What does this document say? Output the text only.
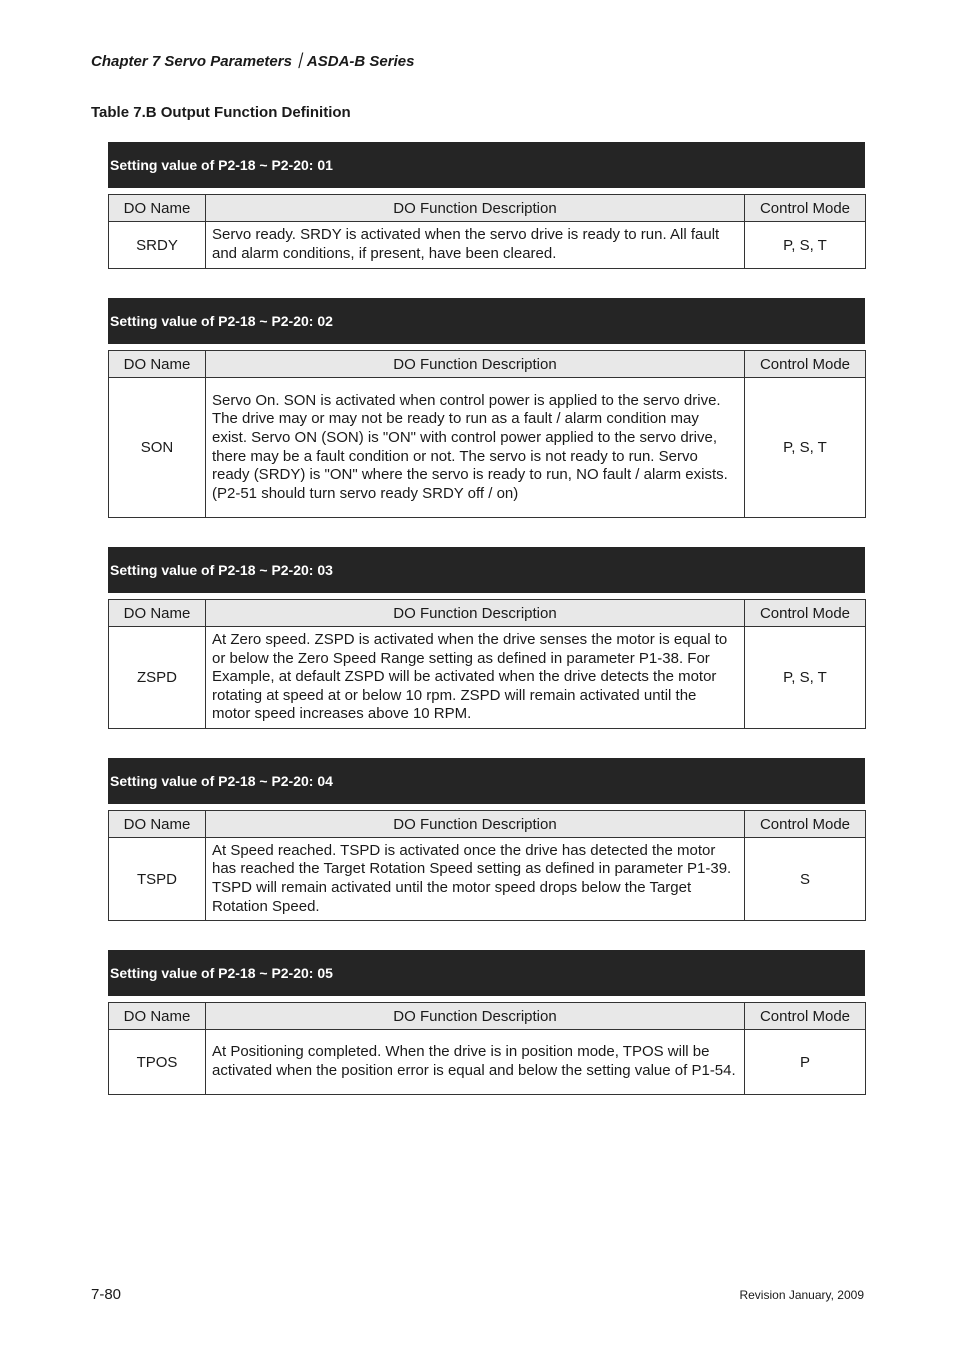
Chapter 7 Servo Parameters｜ASDA-B Series
Table 7.B Output Function Definition
Setting value of P2-18 ~ P2-20: 01
DO Name	DO Function Description	Control Mode
SRDY	Servo ready. SRDY is activated when the servo drive is ready to run. All fault and alarm conditions, if present, have been cleared.	P, S, T
Setting value of P2-18 ~ P2-20: 02
DO Name	DO Function Description	Control Mode
SON	Servo On. SON is activated when control power is applied to the servo drive. The drive may or may not be ready to run as a fault / alarm condition may exist. Servo ON (SON) is "ON" with control power applied to the servo drive, there may be a fault condition or not. The servo is not ready to run. Servo ready (SRDY) is "ON" where the servo is ready to run, NO fault / alarm exists. (P2-51 should turn servo ready SRDY off / on)	P, S, T
Setting value of P2-18 ~ P2-20: 03
DO Name	DO Function Description	Control Mode
ZSPD	At Zero speed. ZSPD is activated when the drive senses the motor is equal to or below the Zero Speed Range setting as defined in parameter P1-38. For Example, at default ZSPD will be activated when the drive detects the motor rotating at speed at or below 10 rpm. ZSPD will remain activated until the motor speed increases above 10 RPM.	P, S, T
Setting value of P2-18 ~ P2-20: 04
DO Name	DO Function Description	Control Mode
TSPD	At Speed reached. TSPD is activated once the drive has detected the motor has reached the Target Rotation Speed setting as defined in parameter P1-39. TSPD will remain activated until the motor speed drops below the Target Rotation Speed.	S
Setting value of P2-18 ~ P2-20: 05
DO Name	DO Function Description	Control Mode
TPOS	At Positioning completed. When the drive is in position mode, TPOS will be activated when the position error is equal and below the setting value of P1-54.	P
7-80	Revision January, 2009
